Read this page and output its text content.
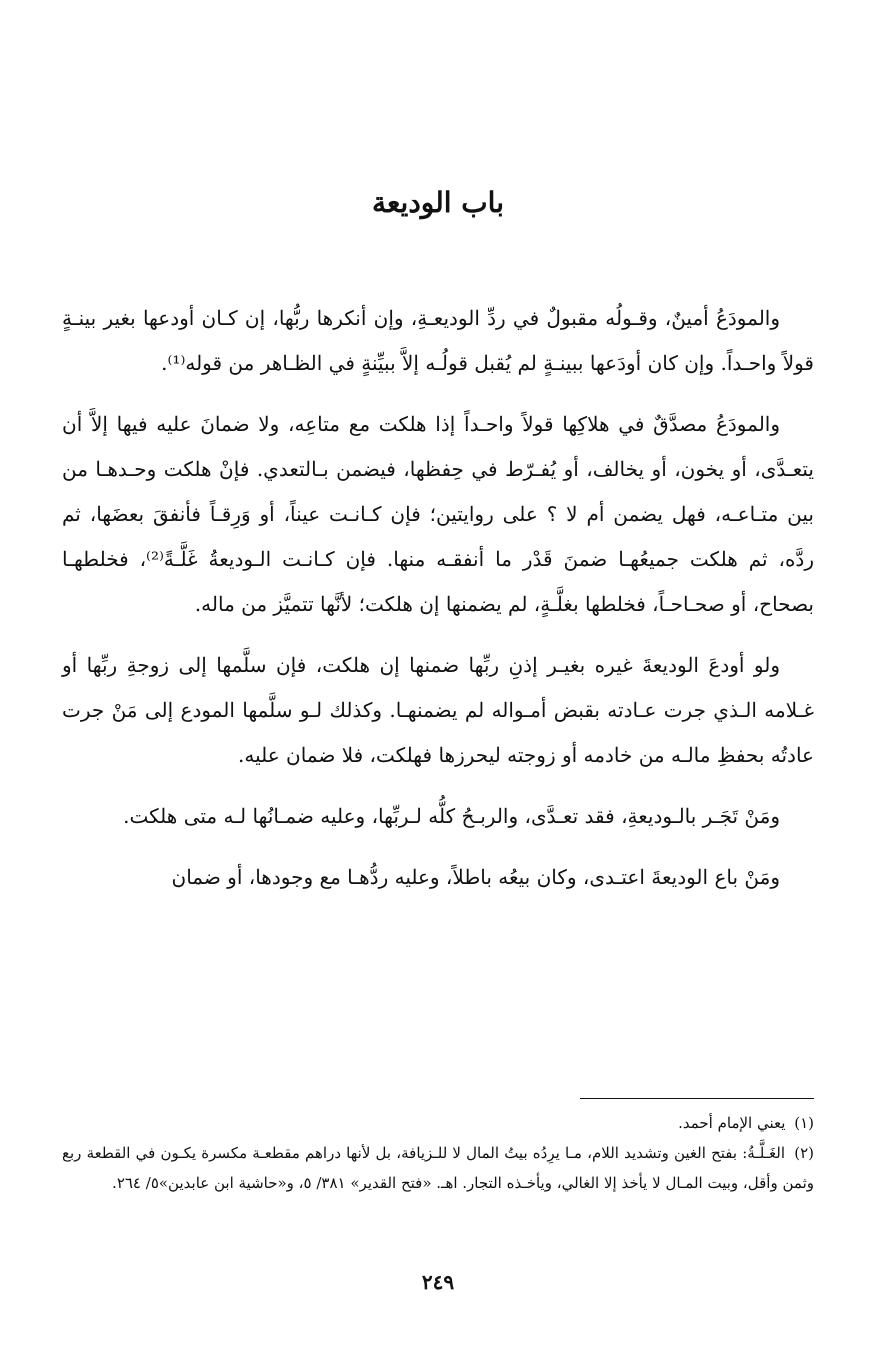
باب الوديعة

والمودَعُ أمينٌ، وقـولُه مقبولٌ في ردِّ الوديعـةِ، وإن أنكرها ربُّها، إن كـان أودعها بغير بينـةٍ قولاً واحـداً. وإن كان أودَعها ببينـةٍ لم يُقبل قولُـه إلاَّ ببيِّنةٍ في الظـاهر من قوله⁽¹⁾.

والمودَعُ مصدَّقٌ في هلاكِها قولاً واحـداً إذا هلكت مع متاعِه، ولا ضمانَ عليه فيها إلاَّ أن يتعـدَّى، أو يخون، أو يخالف، أو يُفـرّط في حِفظها، فيضمن بـالتعدي. فإنْ هلكت وحـدهـا من بين متـاعـه، فهل يضمن أم لا ؟ على روايتين؛ فإن كـانـت عيناً، أو وَرِقـاً فأنفقَ بعضَها، ثم ردَّه، ثم هلكت جميعُهـا ضمنَ قَدْر ما أنفقـه منها. فإن كـانـت الـوديعةُ غَلَّـةً⁽²⁾، فخلطهـا بصحاح، أو صحـاحـاً، فخلطها بغلَّـةٍ، لم يضمنها إن هلكت؛ لأنَّها تتميَّز من ماله.

ولو أودعَ الوديعةَ غيره بغيـر إذنِ ربِّها ضمنها إن هلكت، فإن سلَّمها إلى زوجةِ ربِّها أو غـلامه الـذي جرت عـادته بقبض أمـواله لم يضمنهـا. وكذلك لـو سلَّمها المودع إلى مَنْ جرت عادتُه بحفظِ مالـه من خادمه أو زوجته ليحرزها فهلكت، فلا ضمان عليه.

ومَنْ تَجَـر بالـوديعةِ، فقد تعـدَّى، والربـحُ كلُّه لـربِّها، وعليه ضمـانُها لـه متى هلكت.

ومَنْ باع الوديعةَ اعتـدى، وكان بيعُه باطلاً، وعليه ردُّهـا مع وجودها، أو ضمان

(١) يعني الإمام أحمد.

(٢) الغَـلَّـةُ: بفتح الغين وتشديد اللام، مـا يرِدُه بيتُ المال لا للـزيافة، بل لأنها دراهم مقطعـة مكسرة يكـون في القطعة ربع وثمن وأقل، وبيت المـال لا يأخذ إلا الغالي، ويأخـذه التجار. اهـ. «فتح القدير» ٣٨١/ ٥، و«حاشية ابن عابدين»٥/ ٢٦٤.

٢٤٩
